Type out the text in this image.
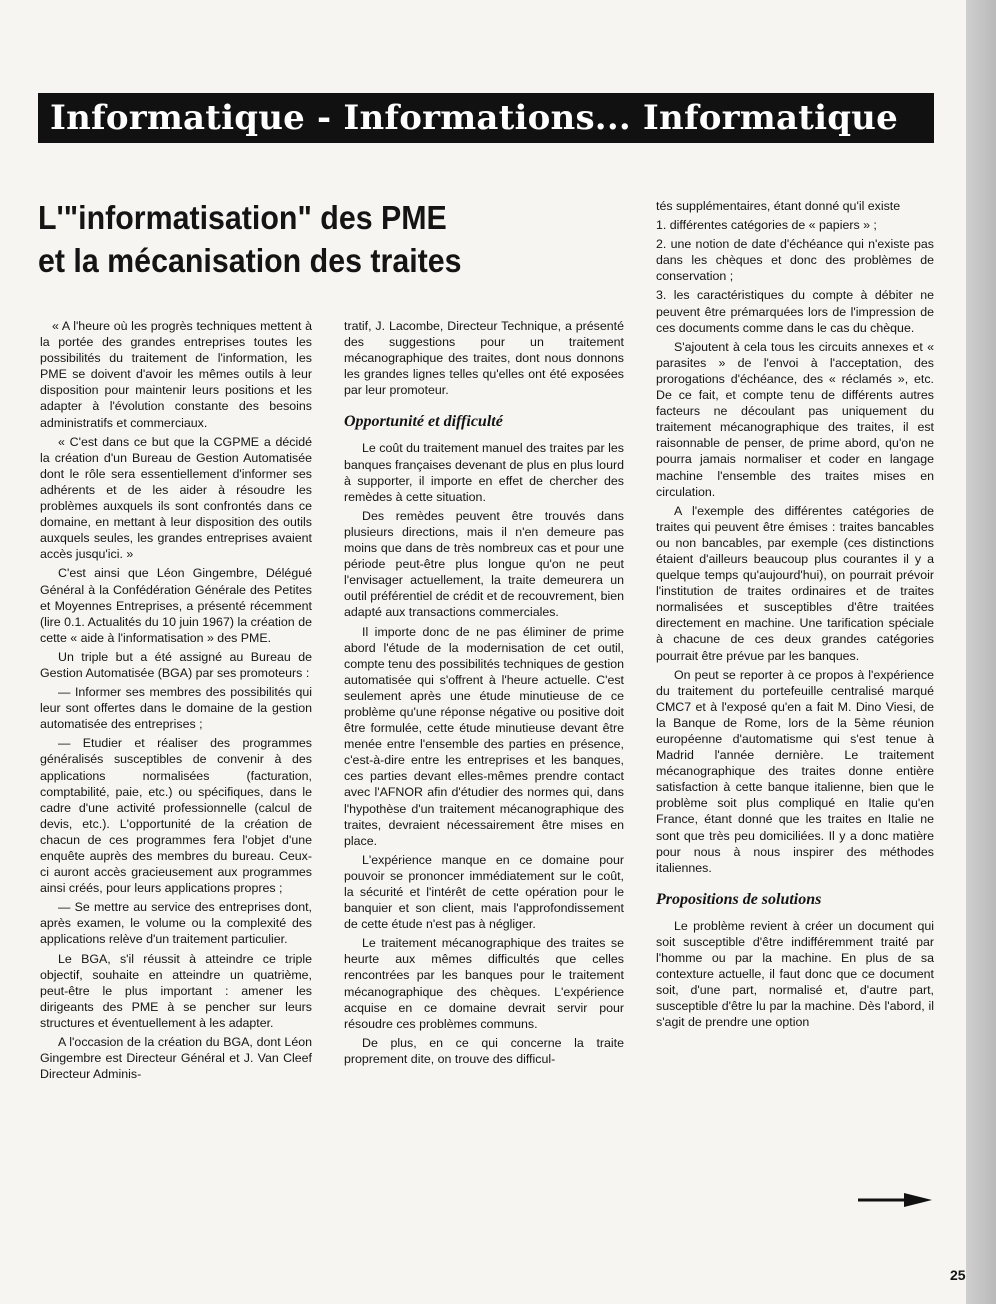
Informatique - Informations... Informatique
L'"informatisation" des PME
et la mécanisation des traites

« A l'heure où les progrès techniques mettent à la portée des grandes entreprises toutes les possibilités du traitement de l'information, les PME se doivent d'avoir les mêmes outils à leur disposition pour maintenir leurs positions et les adapter à l'évolution constante des besoins administratifs et commerciaux.

« C'est dans ce but que la CGPME a décidé la création d'un Bureau de Gestion Automatisée dont le rôle sera essentiellement d'informer ses adhérents et de les aider à résoudre les problèmes auxquels ils sont confrontés dans ce domaine, en mettant à leur disposition des outils auxquels seules, les grandes entreprises avaient accès jusqu'ici. »

C'est ainsi que Léon Gingembre, Délégué Général à la Confédération Générale des Petites et Moyennes Entreprises, a présenté récemment (lire 0.1. Actualités du 10 juin 1967) la création de cette « aide à l'informatisation » des PME.

Un triple but a été assigné au Bureau de Gestion Automatisée (BGA) par ses promoteurs :

— Informer ses membres des possibilités qui leur sont offertes dans le domaine de la gestion automatisée des entreprises ;

— Etudier et réaliser des programmes généralisés susceptibles de convenir à des applications normalisées (facturation, comptabilité, paie, etc.) ou spécifiques, dans le cadre d'une activité professionnelle (calcul de devis, etc.). L'opportunité de la création de chacun de ces programmes fera l'objet d'une enquête auprès des membres du bureau. Ceux-ci auront accès gracieusement aux programmes ainsi créés, pour leurs applications propres ;

— Se mettre au service des entreprises dont, après examen, le volume ou la complexité des applications relève d'un traitement particulier.

Le BGA, s'il réussit à atteindre ce triple objectif, souhaite en atteindre un quatrième, peut-être le plus important : amener les dirigeants des PME à se pencher sur leurs structures et éventuellement à les adapter.

A l'occasion de la création du BGA, dont Léon Gingembre est Directeur Général et J. Van Cleef Directeur Adminis-

tratif, J. Lacombe, Directeur Technique, a présenté des suggestions pour un traitement mécanographique des traites, dont nous donnons les grandes lignes telles qu'elles ont été exposées par leur promoteur.

Opportunité et difficulté

Le coût du traitement manuel des traites par les banques françaises devenant de plus en plus lourd à supporter, il importe en effet de chercher des remèdes à cette situation.

Des remèdes peuvent être trouvés dans plusieurs directions, mais il n'en demeure pas moins que dans de très nombreux cas et pour une période peut-être plus longue qu'on ne peut l'envisager actuellement, la traite demeurera un outil préférentiel de crédit et de recouvrement, bien adapté aux transactions commerciales.

Il importe donc de ne pas éliminer de prime abord l'étude de la modernisation de cet outil, compte tenu des possibilités techniques de gestion automatisée qui s'offrent à l'heure actuelle. C'est seulement après une étude minutieuse de ce problème qu'une réponse négative ou positive doit être formulée, cette étude minutieuse devant être menée entre l'ensemble des parties en présence, c'est-à-dire entre les entreprises et les banques, ces parties devant elles-mêmes prendre contact avec l'AFNOR afin d'étudier des normes qui, dans l'hypothèse d'un traitement mécanographique des traites, devraient nécessairement être mises en place.

L'expérience manque en ce domaine pour pouvoir se prononcer immédiatement sur le coût, la sécurité et l'intérêt de cette opération pour le banquier et son client, mais l'approfondissement de cette étude n'est pas à négliger.

Le traitement mécanographique des traites se heurte aux mêmes difficultés que celles rencontrées par les banques pour le traitement mécanographique des chèques. L'expérience acquise en ce domaine devrait servir pour résoudre ces problèmes communs.

De plus, en ce qui concerne la traite proprement dite, on trouve des difficul-

tés supplémentaires, étant donné qu'il existe

1. différentes catégories de « papiers » ;

2. une notion de date d'échéance qui n'existe pas dans les chèques et donc des problèmes de conservation ;

3. les caractéristiques du compte à débiter ne peuvent être prémarquées lors de l'impression de ces documents comme dans le cas du chèque.

S'ajoutent à cela tous les circuits annexes et « parasites » de l'envoi à l'acceptation, des prorogations d'échéance, des « réclamés », etc. De ce fait, et compte tenu de différents autres facteurs ne découlant pas uniquement du traitement mécanographique des traites, il est raisonnable de penser, de prime abord, qu'on ne pourra jamais normaliser et coder en langage machine l'ensemble des traites mises en circulation.

A l'exemple des différentes catégories de traites qui peuvent être émises : traites bancables ou non bancables, par exemple (ces distinctions étaient d'ailleurs beaucoup plus courantes il y a quelque temps qu'aujourd'hui), on pourrait prévoir l'institution de traites ordinaires et de traites normalisées et susceptibles d'être traitées directement en machine. Une tarification spéciale à chacune de ces deux grandes catégories pourrait être prévue par les banques.

On peut se reporter à ce propos à l'expérience du traitement du portefeuille centralisé marqué CMC7 et à l'exposé qu'en a fait M. Dino Viesi, de la Banque de Rome, lors de la 5ème réunion européenne d'automatisme qui s'est tenue à Madrid l'année dernière. Le traitement mécanographique des traites donne entière satisfaction à cette banque italienne, bien que le problème soit plus compliqué en Italie qu'en France, étant donné que les traites en Italie ne sont que très peu domiciliées. Il y a donc matière pour nous à nous inspirer des méthodes italiennes.

Propositions de solutions

Le problème revient à créer un document qui soit susceptible d'être indifféremment traité par l'homme ou par la machine. En plus de sa contexture actuelle, il faut donc que ce document soit, d'une part, normalisé et, d'autre part, susceptible d'être lu par la machine. Dès l'abord, il s'agit de prendre une option

25
